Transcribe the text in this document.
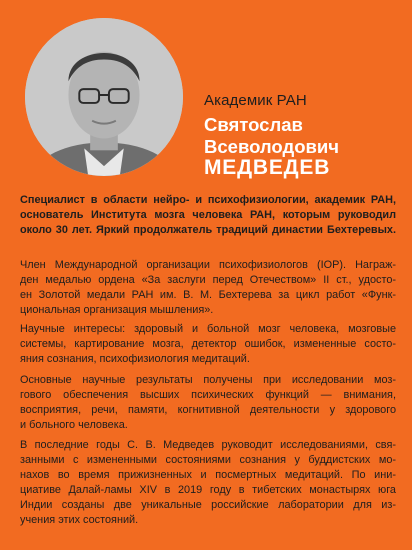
Академик РАН
Святослав
Всеволодович
МЕДВЕДЕВ
Специалист в области нейро- и психофизиологии, академик РАН,
основатель Института мозга человека РАН, которым руководил
около 30 лет. Яркий продолжатель традиций династии Бехтеревых.
Член Международной организации психофизиологов (IOP). Награж-
ден медалью ордена «За заслуги перед Отечеством» II ст., удосто-
ен Золотой медали РАН им. В. М. Бехтерева за цикл работ «Функ-
циональная организация мышления».
Научные интересы: здоровый и больной мозг человека, мозговые
системы, картирование мозга, детектор ошибок, измененные состо-
яния сознания, психофизиология медитаций.
Основные научные результаты получены при исследовании моз-
гового обеспечения высших психических функций — внимания,
восприятия, речи, памяти, когнитивной деятельности у здорового
и больного человека.
В последние годы С. В. Медведев руководит исследованиями, свя-
занными с измененными состояниями сознания у буддистских мо-
нахов во время прижизненных и посмертных медитаций. По ини-
циативе Далай-ламы XIV в 2019 году в тибетских монастырях юга
Индии созданы две уникальные российские лаборатории для из-
учения этих состояний.
